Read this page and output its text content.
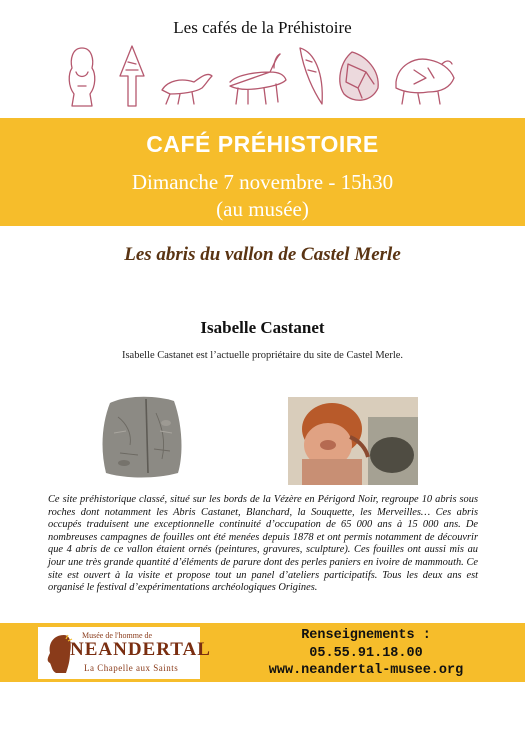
Les cafés de la Préhistoire
CAFÉ PRÉHISTOIRE
Dimanche 7 novembre - 15h30
(au musée)
Les abris du vallon de Castel Merle
Isabelle Castanet
Isabelle Castanet est l’actuelle propriétaire du site de Castel Merle.
Ce site préhistorique classé, situé sur les bords de la Vézère en Périgord Noir, regroupe 10 abris sous roches dont notamment les Abris Castanet, Blanchard, la Souquette, les Merveilles… Ces abris occupés traduisent une exceptionnelle continuité d’occupation de 65 000 ans à 15 000 ans. De nombreuses campagnes de fouilles ont été menées depuis 1878 et ont permis notamment de découvrir que 4 abris de ce vallon étaient ornés (peintures, gravures, sculpture). Ces fouilles ont aussi mis au jour une très grande quantité d’éléments de parure dont des perles paniers en ivoire de mammouth. Ce site est ouvert à la visite et propose tout un panel d’ateliers participatifs. Tous les deux ans est organisé le festival d’expérimentations archéologiques Origines.
Musée de l'homme de
NEANDERTAL
La Chapelle aux Saints
Renseignements :
05.55.91.18.00
www.neandertal-musee.org
